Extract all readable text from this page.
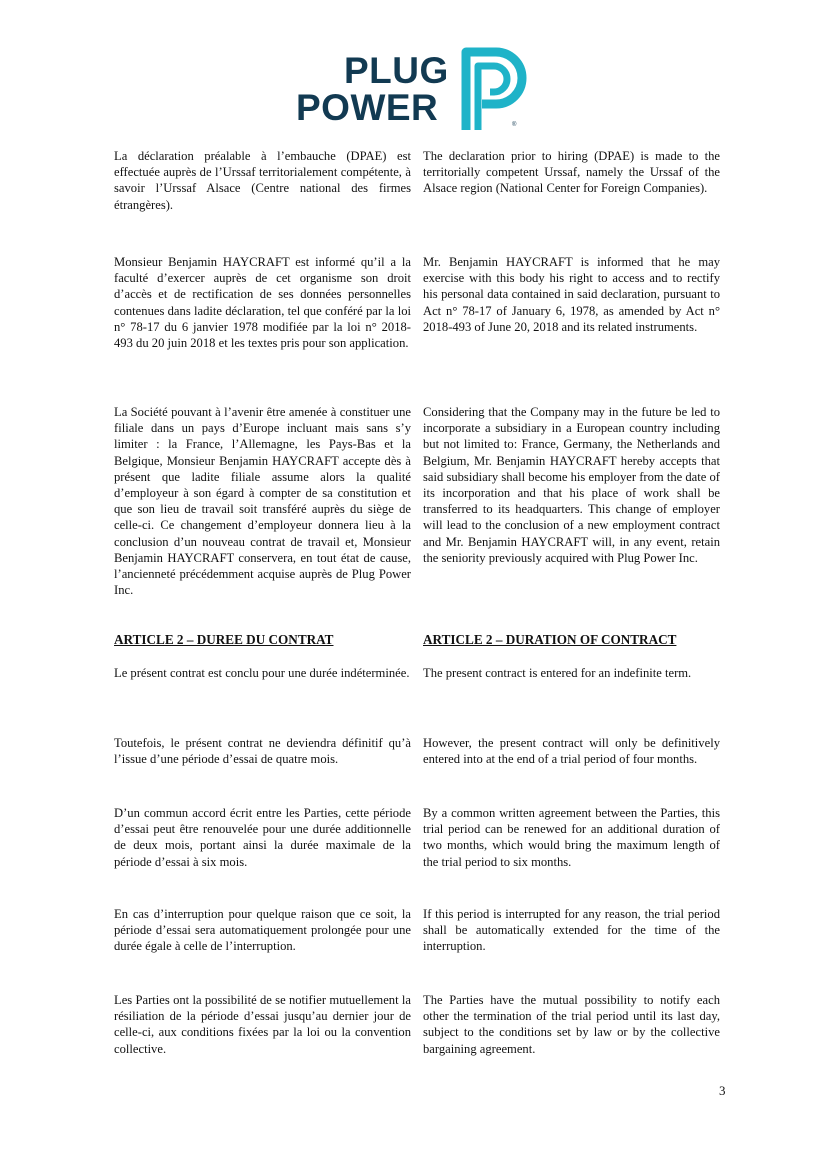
PLUG
POWER	®
La déclaration préalable à l’embauche (DPAE) est effectuée auprès de l’Urssaf territorialement compétente, à savoir l’Urssaf Alsace (Centre national des firmes étrangères).
The declaration prior to hiring (DPAE) is made to the territorially competent Urssaf, namely the Urssaf of the Alsace region (National Center for Foreign Companies).
Monsieur Benjamin HAYCRAFT est informé qu’il a la faculté d’exercer auprès de cet organisme son droit d’accès et de rectification de ses données personnelles contenues dans ladite déclaration, tel que conféré par la loi n° 78-17 du 6 janvier 1978 modifiée par la loi n° 2018-493 du 20 juin 2018 et les textes pris pour son application.
Mr. Benjamin HAYCRAFT is informed that he may exercise with this body his right to access and to rectify his personal data contained in said declaration, pursuant to Act n° 78-17 of January 6, 1978, as amended by Act n° 2018-493 of June 20, 2018 and its related instruments.
La Société pouvant à l’avenir être amenée à constituer une filiale dans un pays d’Europe incluant mais sans s’y limiter : la France, l’Allemagne, les Pays-Bas et la Belgique, Monsieur Benjamin HAYCRAFT accepte dès à présent que ladite filiale assume alors la qualité d’employeur à son égard à compter de sa constitution et que son lieu de travail soit transféré auprès du siège de celle-ci. Ce changement d’employeur donnera lieu à la conclusion d’un nouveau contrat de travail et, Monsieur Benjamin HAYCRAFT conservera, en tout état de cause, l’ancienneté précédemment acquise auprès de Plug Power Inc.
Considering that the Company may in the future be led to incorporate a subsidiary in a European country including but not limited to: France, Germany, the Netherlands and Belgium, Mr. Benjamin HAYCRAFT hereby accepts that said subsidiary shall become his employer from the date of its incorporation and that his place of work shall be transferred to its headquarters. This change of employer will lead to the conclusion of a new employment contract and Mr. Benjamin HAYCRAFT will, in any event, retain the seniority previously acquired with Plug Power Inc.
ARTICLE 2 – DUREE DU CONTRAT	ARTICLE 2 – DURATION OF CONTRACT
Le présent contrat est conclu pour une durée indéterminée. The present contract is entered for an indefinite term.
Toutefois, le présent contrat ne deviendra définitif qu’à l’issue d’une période d’essai de quatre mois.
However, the present contract will only be definitively entered into at the end of a trial period of four months.
D’un commun accord écrit entre les Parties, cette période d’essai peut être renouvelée pour une durée additionnelle de deux mois, portant ainsi la durée maximale de la période d’essai à six mois.
By a common written agreement between the Parties, this trial period can be renewed for an additional duration of two months, which would bring the maximum length of the trial period to six months.
En cas d’interruption pour quelque raison que ce soit, la période d’essai sera automatiquement prolongée pour une durée égale à celle de l’interruption.
If this period is interrupted for any reason, the trial period shall be automatically extended for the time of the interruption.
Les Parties ont la possibilité de se notifier mutuellement la résiliation de la période d’essai jusqu’au dernier jour de celle-ci, aux conditions fixées par la loi ou la convention collective.
The Parties have the mutual possibility to notify each other the termination of the trial period until its last day, subject to the conditions set by law or by the collective bargaining agreement.
3
